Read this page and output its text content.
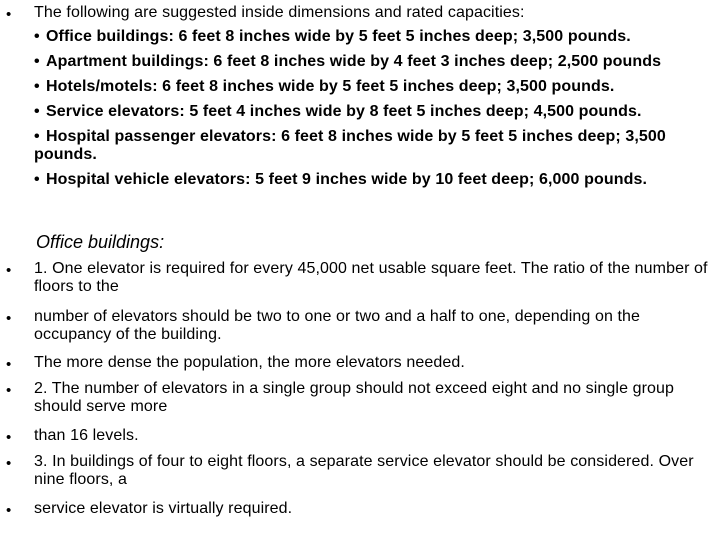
• The following are suggested inside dimensions and rated capacities:
• Office buildings: 6 feet 8 inches wide by 5 feet 5 inches deep; 3,500 pounds.
• Apartment buildings: 6 feet 8 inches wide by 4 feet 3 inches deep; 2,500 pounds
• Hotels/motels: 6 feet 8 inches wide by 5 feet 5 inches deep; 3,500 pounds.
• Service elevators: 5 feet 4 inches wide by 8 feet 5 inches deep; 4,500 pounds.
• Hospital passenger elevators: 6 feet 8 inches wide by 5 feet 5 inches deep; 3,500 pounds.
• Hospital vehicle elevators: 5 feet 9 inches wide by 10 feet deep; 6,000 pounds.
Office buildings:
• 1. One elevator is required for every 45,000 net usable square feet. The ratio of the number of floors to the
• number of elevators should be two to one or two and a half to one, depending on the occupancy of the building.
• The more dense the population, the more elevators needed.
• 2. The number of elevators in a single group should not exceed eight and no single group should serve more
• than 16 levels.
• 3. In buildings of four to eight floors, a separate service elevator should be considered. Over nine floors, a
• service elevator is virtually required.
